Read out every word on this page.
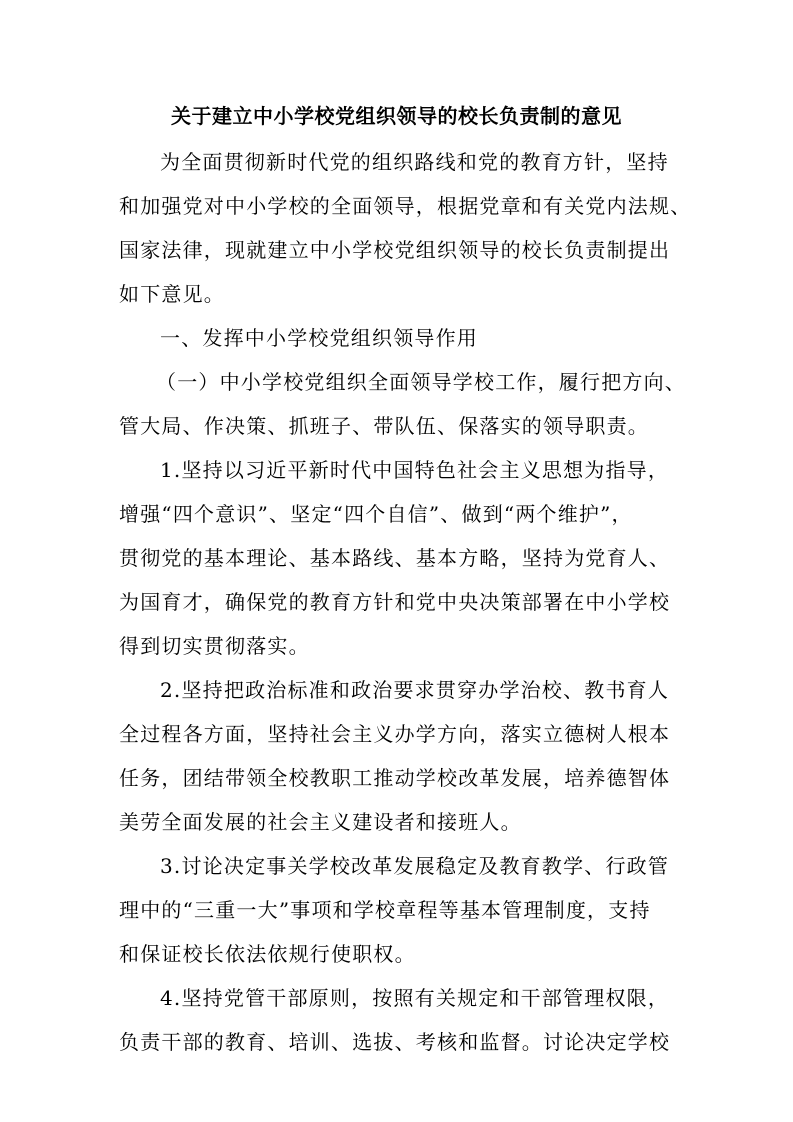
关于建立中小学校党组织领导的校长负责制的意见
为全面贯彻新时代党的组织路线和党的教育方针，坚持
和加强党对中小学校的全面领导，根据党章和有关党内法规、
国家法律，现就建立中小学校党组织领导的校长负责制提出
如下意见。
一、发挥中小学校党组织领导作用
（一）中小学校党组织全面领导学校工作，履行把方向、
管大局、作决策、抓班子、带队伍、保落实的领导职责。
1.坚持以习近平新时代中国特色社会主义思想为指导，
增强“四个意识”、坚定“四个自信”、做到“两个维护”，
贯彻党的基本理论、基本路线、基本方略，坚持为党育人、
为国育才，确保党的教育方针和党中央决策部署在中小学校
得到切实贯彻落实。
2.坚持把政治标准和政治要求贯穿办学治校、教书育人
全过程各方面，坚持社会主义办学方向，落实立德树人根本
任务，团结带领全校教职工推动学校改革发展，培养德智体
美劳全面发展的社会主义建设者和接班人。
3.讨论决定事关学校改革发展稳定及教育教学、行政管
理中的“三重一大”事项和学校章程等基本管理制度，支持
和保证校长依法依规行使职权。
4.坚持党管干部原则，按照有关规定和干部管理权限，
负责干部的教育、培训、选拔、考核和监督。讨论决定学校
